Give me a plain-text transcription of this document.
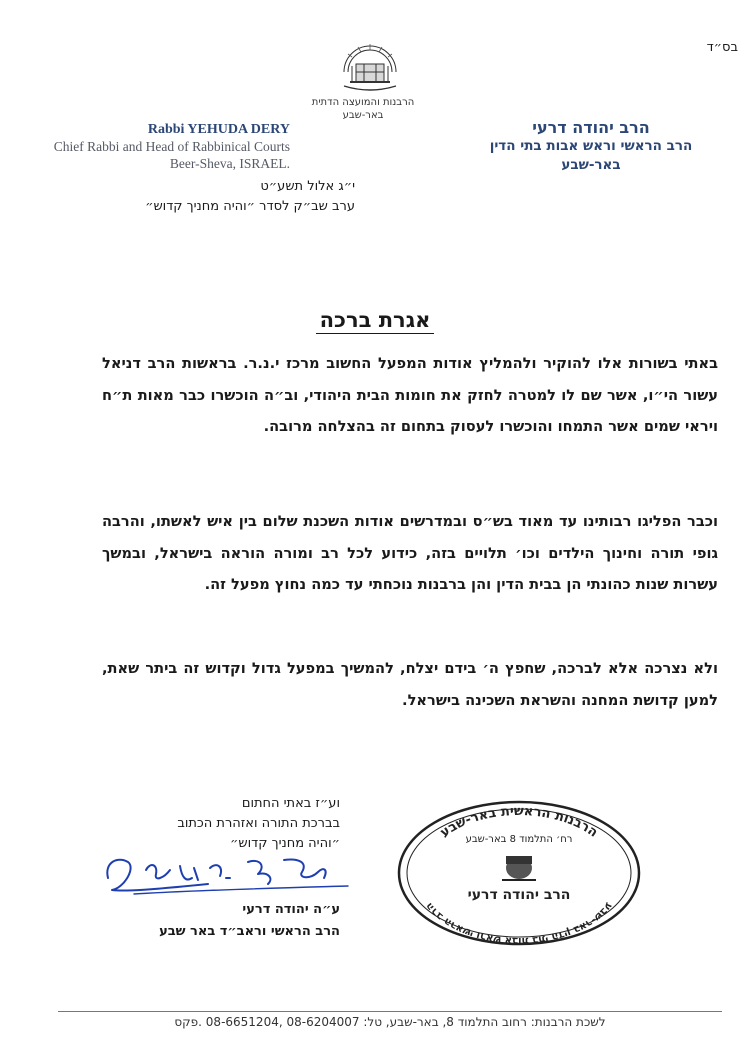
בס״ד
הרבנות והמועצה הדתית
באר-שבע
Rabbi YEHUDA DERY
Chief Rabbi and Head of Rabbinical Courts
Beer-Sheva, ISRAEL.
הרב יהודה דרעי
הרב הראשי וראש אבות בתי הדין
באר-שבע
י״ג אלול תשע״ט
ערב שב״ק לסדר ״והיה מחניך קדוש״
אגרת ברכה
באתי בשורות אלו להוקיר ולהמליץ אודות המפעל החשוב מרכז י.נ.ר. בראשות הרב דניאל עשור הי״ו, אשר שם לו למטרה לחזק את חומות הבית היהודי, וב״ה הוכשרו כבר מאות ת״ח ויראי שמים אשר התמחו והוכשרו לעסוק בתחום זה בהצלחה מרובה.
וכבר הפליגו רבותינו עד מאוד בש״ס ובמדרשים אודות השכנת שלום בין איש לאשתו, והרבה גופי תורה וחינוך הילדים וכו׳ תלויים בזה, כידוע לכל רב ומורה הוראה בישראל, ובמשך עשרות שנות כהונתי הן בבית הדין והן ברבנות נוכחתי עד כמה נחוץ מפעל זה.
ולא נצרכה אלא לברכה, שחפץ ה׳ בידם יצלח, להמשיך במפעל גדול וקדוש זה ביתר שאת, למען קדושת המחנה והשראת השכינה בישראל.
וע״ז באתי החתום
בברכת התורה ואזהרת הכתוב
״והיה מחניך קדוש״
ע״ה יהודה דרעי
הרב הראשי וראב״ד באר שבע
הרבנות הראשית באר-שבע
רח׳ התלמוד 8 באר-שבע
הרב יהודה דרעי
הרב הראשי וראש אבות בתי הדין באר-שבע
לשכת הרבנות: רחוב התלמוד 8, באר-שבע, טל: 08-6204007 ,08-6651204 .פקס
